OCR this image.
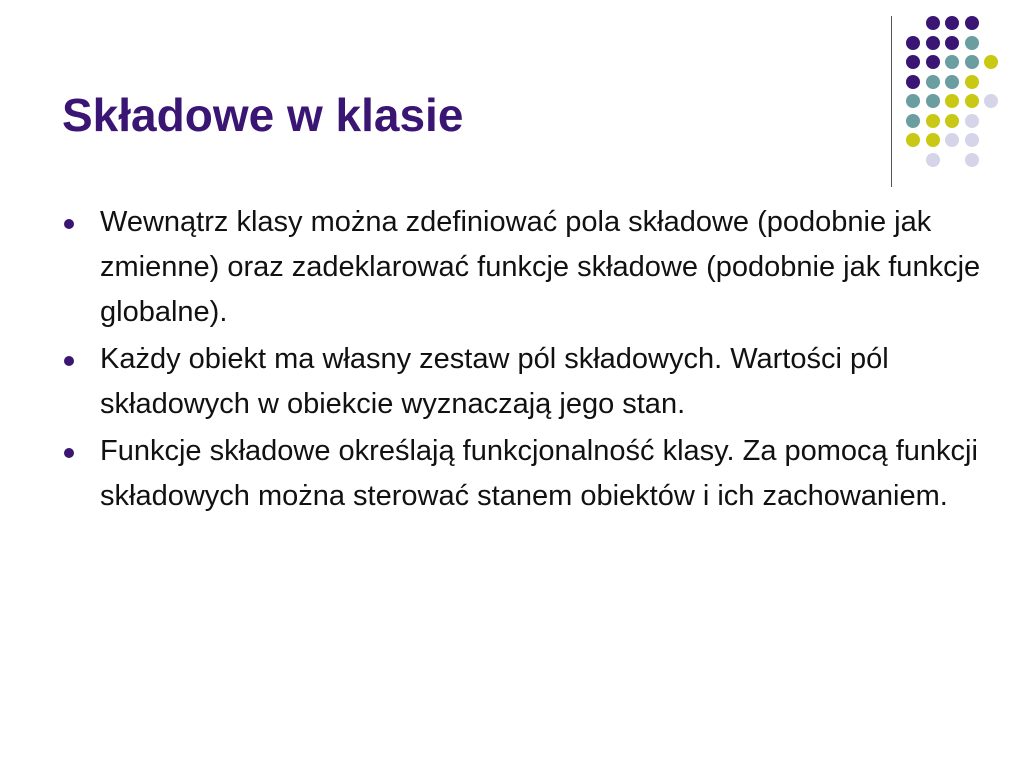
Składowe w klasie
Wewnątrz klasy można zdefiniować pola składowe (podobnie jak zmienne) oraz zadeklarować funkcje składowe (podobnie jak funkcje globalne).
Każdy obiekt ma własny zestaw pól składowych. Wartości pól składowych w obiekcie wyznaczają jego stan.
Funkcje składowe określają funkcjonalność klasy. Za pomocą funkcji składowych można sterować stanem obiektów i ich zachowaniem.
